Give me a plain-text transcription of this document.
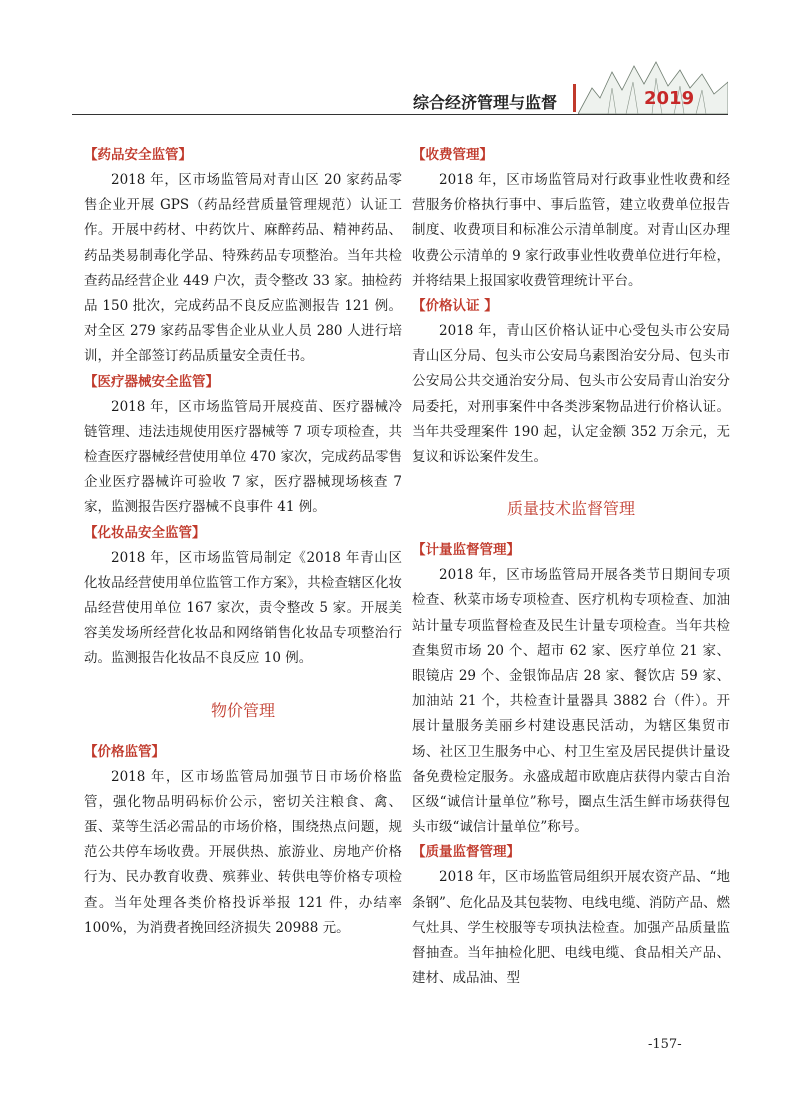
综合经济管理与监督	2019
【药品安全监管】

2018 年，区市场监管局对青山区 20 家药品零售企业开展 GPS（药品经营质量管理规范）认证工作。开展中药材、中药饮片、麻醉药品、精神药品、药品类易制毒化学品、特殊药品专项整治。当年共检查药品经营企业 449 户次，责令整改 33 家。抽检药品 150 批次，完成药品不良反应监测报告 121 例。对全区 279 家药品零售企业从业人员 280 人进行培训，并全部签订药品质量安全责任书。

【医疗器械安全监管】

2018 年，区市场监管局开展疫苗、医疗器械冷链管理、违法违规使用医疗器械等 7 项专项检查，共检查医疗器械经营使用单位 470 家次，完成药品零售企业医疗器械许可验收 7 家，医疗器械现场核查 7 家，监测报告医疗器械不良事件 41 例。

【化妆品安全监管】

2018 年，区市场监管局制定《2018 年青山区化妆品经营使用单位监管工作方案》，共检查辖区化妆品经营使用单位 167 家次，责令整改 5 家。开展美容美发场所经营化妆品和网络销售化妆品专项整治行动。监测报告化妆品不良反应 10 例。

物价管理
【价格监管】

2018 年，区市场监管局加强节日市场价格监管，强化物品明码标价公示，密切关注粮食、禽、蛋、菜等生活必需品的市场价格，围绕热点问题，规范公共停车场收费。开展供热、旅游业、房地产价格行为、民办教育收费、殡葬业、转供电等价格专项检查。当年处理各类价格投诉举报 121 件，办结率 100%，为消费者挽回经济损失 20988 元。

【收费管理】

2018 年，区市场监管局对行政事业性收费和经营服务价格执行事中、事后监管，建立收费单位报告制度、收费项目和标准公示清单制度。对青山区办理收费公示清单的 9 家行政事业性收费单位进行年检，并将结果上报国家收费管理统计平台。

【价格认证 】

2018 年，青山区价格认证中心受包头市公安局青山区分局、包头市公安局乌素图治安分局、包头市公安局公共交通治安分局、包头市公安局青山治安分局委托，对刑事案件中各类涉案物品进行价格认证。当年共受理案件 190 起，认定金额 352 万余元，无复议和诉讼案件发生。

质量技术监督管理
【计量监督管理】

2018 年，区市场监管局开展各类节日期间专项检查、秋菜市场专项检查、医疗机构专项检查、加油站计量专项监督检查及民生计量专项检查。当年共检查集贸市场 20 个、超市 62 家、医疗单位 21 家、眼镜店 29 个、金银饰品店 28 家、餐饮店 59 家、加油站 21 个，共检查计量器具 3882 台（件）。开展计量服务美丽乡村建设惠民活动，为辖区集贸市场、社区卫生服务中心、村卫生室及居民提供计量设备免费检定服务。永盛成超市欧鹿店获得内蒙古自治区级“诚信计量单位”称号，圈点生活生鲜市场获得包头市级“诚信计量单位”称号。

【质量监督管理】

2018 年，区市场监管局组织开展农资产品、“地条钢”、危化品及其包装物、电线电缆、消防产品、燃气灶具、学生校服等专项执法检查。加强产品质量监督抽查。当年抽检化肥、电线电缆、食品相关产品、建材、成品油、型

-157-
